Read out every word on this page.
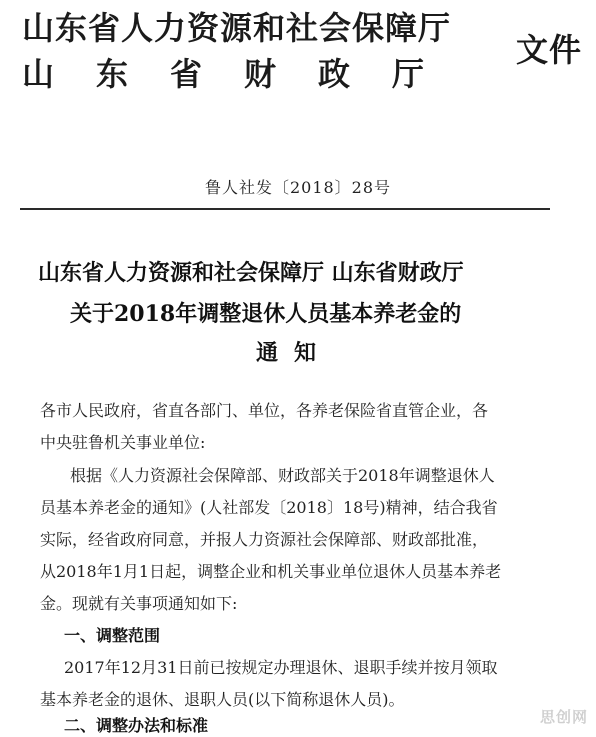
山东省人力资源和社会保障厅
山东省财政厅
文件
鲁人社发〔2018〕28号
山东省人力资源和社会保障厅 山东省财政厅
关于2018年调整退休人员基本养老金的
通知
各市人民政府，省直各部门、单位，各养老保险省直管企业，各
中央驻鲁机关事业单位:
根据《人力资源社会保障部、财政部关于2018年调整退休人
员基本养老金的通知》(人社部发〔2018〕18号)精神，结合我省
实际，经省政府同意，并报人力资源社会保障部、财政部批准，
从2018年1月1日起，调整企业和机关事业单位退休人员基本养老
金。现就有关事项通知如下:
一、调整范围
2017年12月31日前已按规定办理退休、退职手续并按月领取
基本养老金的退休、退职人员(以下简称退休人员)。
二、调整办法和标准	思创网
